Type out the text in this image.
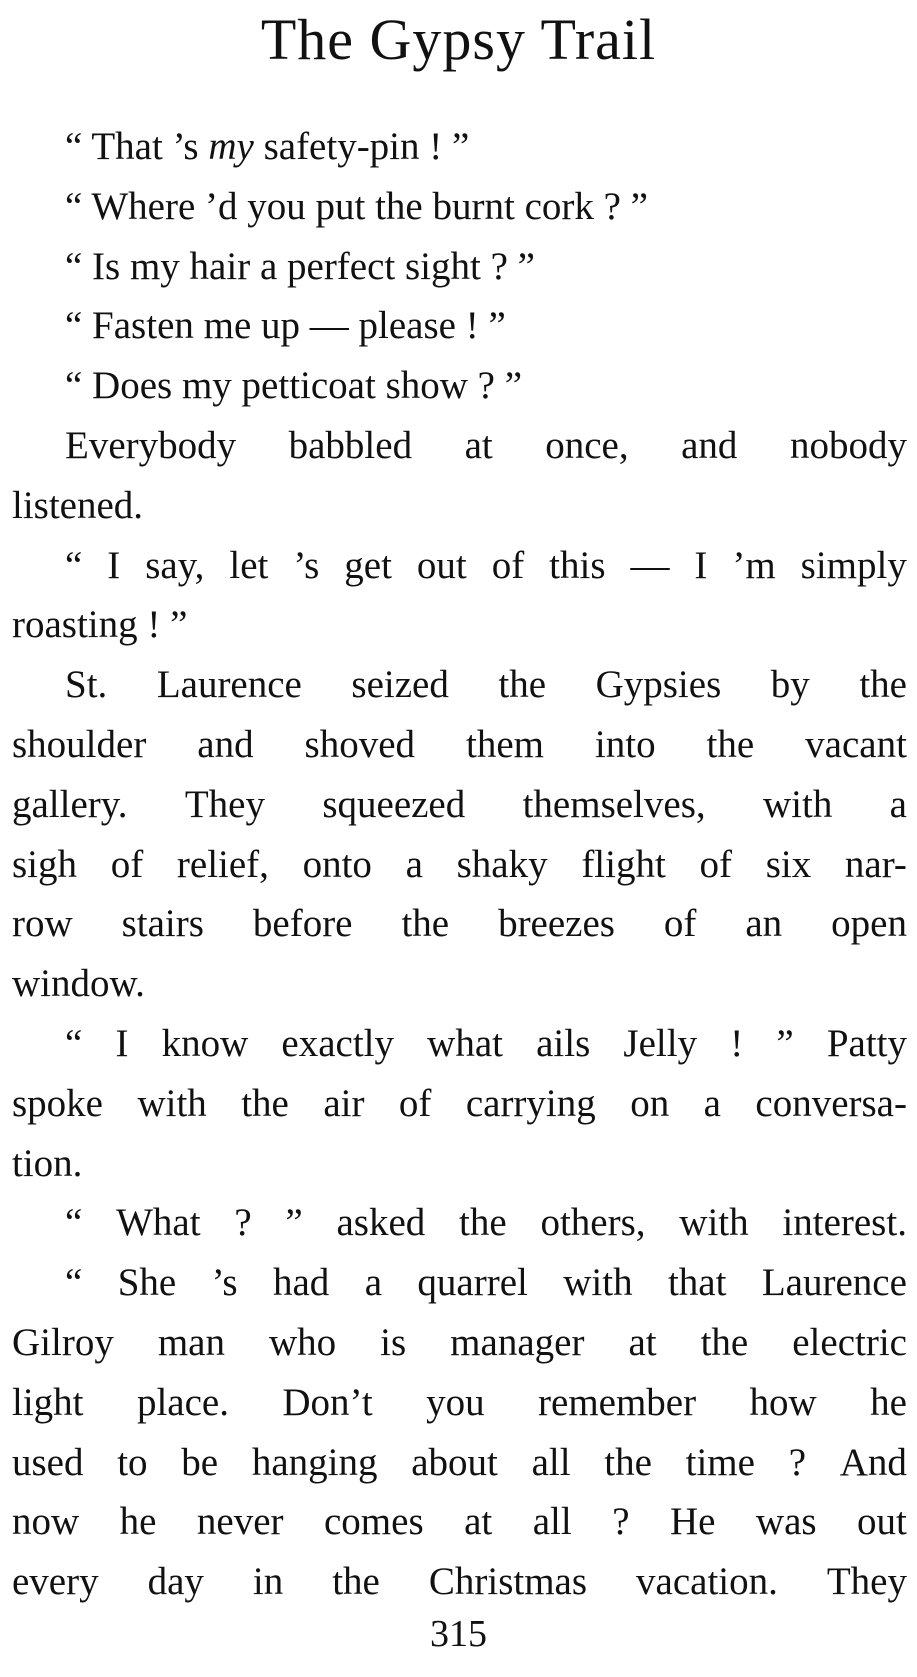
The Gypsy Trail
“ That ’s my safety-pin ! ”
“ Where ’d you put the burnt cork ? ”
“ Is my hair a perfect sight ? ”
“ Fasten me up — please ! ”
“ Does my petticoat show ? ”
Everybody babbled at once, and nobody
listened.
“ I say, let ’s get out of this — I ’m simply
roasting ! ”
St. Laurence seized the Gypsies by the
shoulder and shoved them into the vacant
gallery. They squeezed themselves, with a
sigh of relief, onto a shaky flight of six nar-
row stairs before the breezes of an open
window.
“ I know exactly what ails Jelly ! ” Patty
spoke with the air of carrying on a conversa-
tion.
“ What ? ” asked the others, with interest.
“ She ’s had a quarrel with that Laurence
Gilroy man who is manager at the electric
light place. Don’t you remember how he
used to be hanging about all the time ? And
now he never comes at all ? He was out
every day in the Christmas vacation. They
315
